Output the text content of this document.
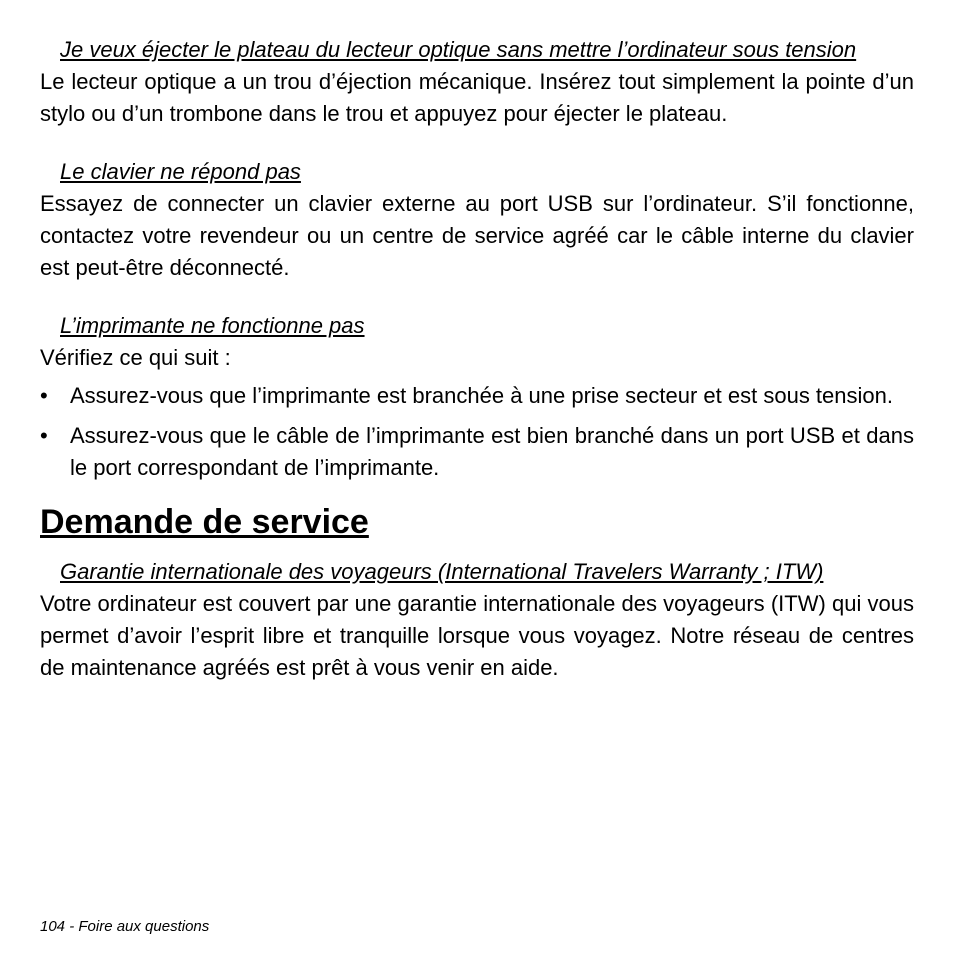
Je veux éjecter le plateau du lecteur optique sans mettre l’ordinateur sous tension

Le lecteur optique a un trou d’éjection mécanique. Insérez tout simplement la pointe d’un stylo ou d’un trombone dans le trou et appuyez pour éjecter le plateau.

Le clavier ne répond pas

Essayez de connecter un clavier externe au port USB sur l’ordinateur. S’il fonctionne, contactez votre revendeur ou un centre de service agréé car le câble interne du clavier est peut-être déconnecté.

L’imprimante ne fonctionne pas

Vérifiez ce qui suit :

•	Assurez-vous que l’imprimante est branchée à une prise secteur et est sous tension.
•	Assurez-vous que le câble de l’imprimante est bien branché dans un port USB et dans le port correspondant de l’imprimante.
Demande de service
Garantie internationale des voyageurs (International Travelers Warranty ; ITW)

Votre ordinateur est couvert par une garantie internationale des voyageurs (ITW) qui vous permet d’avoir l’esprit libre et tranquille lorsque vous voyagez. Notre réseau de centres de maintenance agréés est prêt à vous venir en aide.

104 - Foire aux questions
